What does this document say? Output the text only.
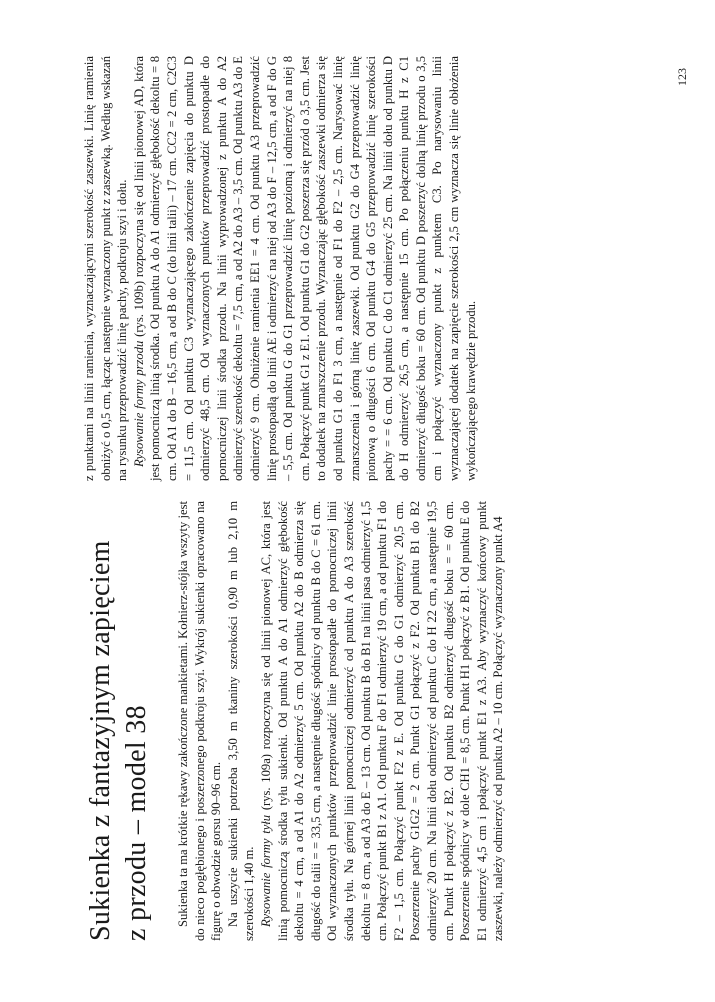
Sukienka z fantazyjnym zapięciem z przodu – model 38 Sukienka ta ma krótkie rękawy zakończone mankietami. Kołnierz-stójka wszyty jest do nieco pogłębionego i poszerzonego podkroju szyi. Wykrój sukienki opracowano na figurę o obwodzie gorsu 90–96 cm. Na uszycie sukienki potrzeba 3,50 m tkaniny szerokości 0,90 m lub 2,10 m szerokości 1,40 m. Rysowanie formy tyłu (rys. 109a) rozpoczyna się od linii pionowej AC, która jest linią pomocniczą środka tyłu sukienki. Od punktu A do A1 odmierzyć głębokość dekoltu = 4 cm, a od A1 do A2 odmierzyć 5 cm. Od punktu A2 do B odmierza się długość do talii = = 33,5 cm, a następnie długość spódnicy od punktu B do C = 61 cm. Od wyznaczonych punktów przeprowadzić linie prostopadłe do pomocniczej linii środka tyłu. Na górnej linii pomocniczej odmierzyć od punktu A do A3 szerokość dekoltu = 8 cm, a od A3 do E – 13 cm. Od punktu B do B1 na linii pasa odmierzyć 1,5 cm. Połączyć punkt B1 z A1. Od punktu F do F1 odmierzyć 19 cm, a od punktu F1 do F2 – 1,5 cm. Połączyć punkt F2 z E. Od punktu G do G1 odmierzyć 20,5 cm. Poszerzenie pachy G1G2 = 2 cm. Punkt G1 połączyć z F2. Od punktu B1 do B2 odmierzyć 20 cm. Na linii dołu odmierzyć od punktu C do H 22 cm, a następnie 19,5 cm. Punkt H połączyć z B2. Od punktu B2 odmierzyć długość boku = = 60 cm. Poszerzenie spódnicy w dole CH1 = 8,5 cm. Punkt H1 połączyć z B1. Od punktu E do E1 odmierzyć 4,5 cm i połączyć punkt E1 z A3. Aby wyznaczyć końcowy punkt zaszewki, należy odmierzyć od punktu A2 – 10 cm. Połączyć wyznaczony punkt A4

z punktami na linii ramienia, wyznaczającymi szerokość zaszewki. Linię ramienia obniżyć o 0,5 cm, łącząc następnie wyznaczony punkt z zaszewką. Według wskazań na rysunku przeprowadzić linię pachy, podkroju szyi i dołu. Rysowanie formy przodu (rys. 109b) rozpoczyna się od linii pionowej AD, która jest pomocniczą linią środka. Od punktu A do A1 odmierzyć głębokość dekoltu = 8 cm. Od A1 do B – 16,5 cm, a od B do C (do linii talii) – 17 cm. CC2 = 2 cm, C2C3 = 11,5 cm. Od punktu C3 wyznaczającego zakończenie zapięcia do punktu D odmierzyć 48,5 cm. Od wyznaczonych punktów przeprowadzić prostopadłe do pomocniczej linii środka przodu. Na linii wyprowadzonej z punktu A do A2 odmierzyć szerokość dekoltu = 7,5 cm, a od A2 do A3 – 3,5 cm. Od punktu A3 do E odmierzyć 9 cm. Obniżenie ramienia EE1 = 4 cm. Od punktu A3 przeprowadzić linię prostopadłą do linii AE i odmierzyć na niej od A3 do F – 12,5 cm, a od F do G – 5,5 cm. Od punktu G do G1 przeprowadzić linię poziomą i odmierzyć na niej 8 cm. Połączyć punkt G1 z E1. Od punktu G1 do G2 poszerza się przód o 3,5 cm. Jest to dodatek na zmarszczenie przodu. Wyznaczając głębokość zaszewki odmierza się od punktu G1 do F1 3 cm, a następnie od F1 do F2 – 2,5 cm. Narysować linię zmarszczenia i górną linię zaszewki. Od punktu G2 do G4 przeprowadzić linię pionową o długości 6 cm. Od punktu G4 do G5 przeprowadzić linię szerokości pachy = = 6 cm. Od punktu C do C1 odmierzyć 25 cm. Na linii dołu od punktu D do H odmierzyć 26,5 cm, a następnie 15 cm. Po połączeniu punktu H z C1 odmierzyć długość boku = 60 cm. Od punktu D poszerzyć dolną linię przodu o 3,5 cm i połączyć wyznaczony punkt z punktem C3. Po narysowaniu linii wyznaczającej dodatek na zapięcie szerokości 2,5 cm wyznacza się linie obłożenia wykończającego krawędzie przodu.

123
